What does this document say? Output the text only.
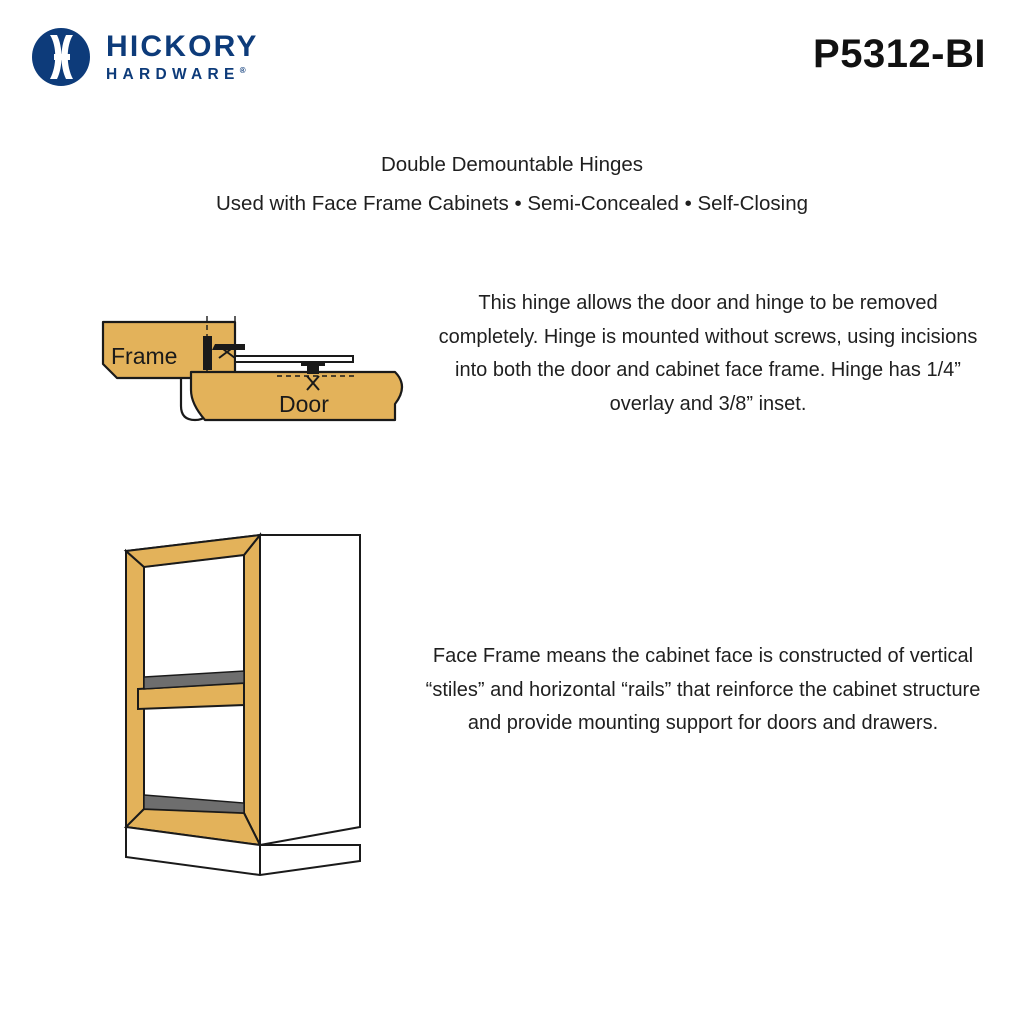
HICKORY
HARDWARE®	P5312-BI
Double Demountable Hinges
Used with Face Frame Cabinets • Semi-Concealed • Self-Closing
Frame
Door
This hinge allows the door and hinge to be removed completely. Hinge is mounted without screws, using incisions into both the door and cabinet face frame. Hinge has 1/4” overlay and 3/8” inset.
Face Frame means the cabinet face is constructed of vertical “stiles” and horizontal “rails” that reinforce the cabinet structure and provide mounting support for doors and drawers.
